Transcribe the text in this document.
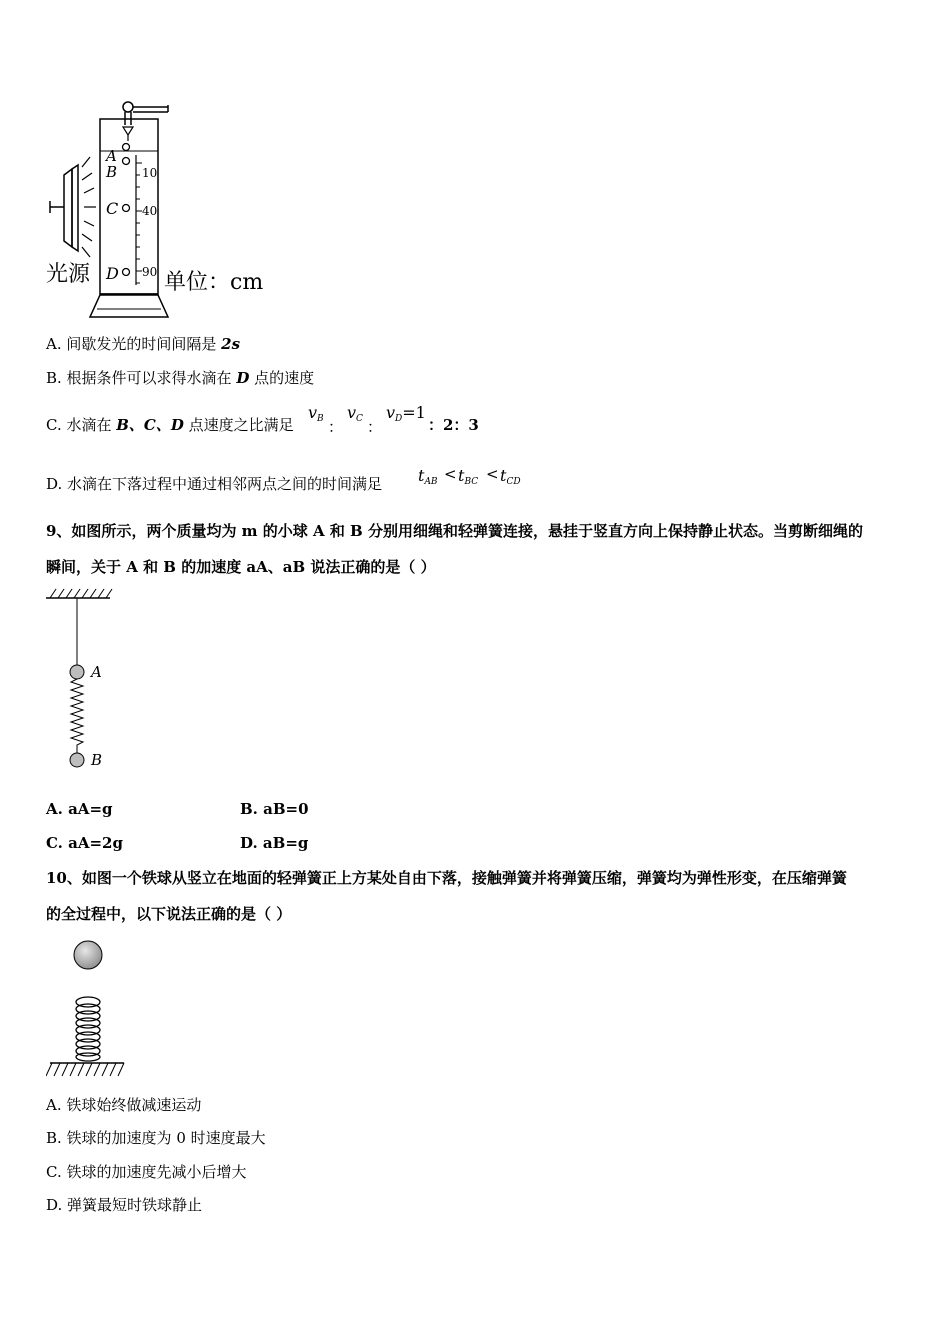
A
B
C
D
10
40
90
光源	单位：cm
A. 间歇发光的时间间隔是 2s
B. 根据条件可以求得水滴在 D 点的速度
C. 水滴在 B、C、D 点速度之比满足
$v_B$ ：
$v_C$ ：
$v_D=1$
：2：3
D. 水滴在下落过程中通过相邻两点之间的时间满足 $t_{AB} < t_{BC} < t_{CD}$
9、如图所示，两个质量均为 m 的小球 A 和 B 分别用细绳和轻弹簧连接，悬挂于竖直方向上保持静止状态。当剪断细绳的
瞬间，关于 A 和 B 的加速度 aA、aB 说法正确的是（ ）
A
B
A. aA=g	B. aB=0
C. aA=2g	D. aB=g
10、如图一个铁球从竖立在地面的轻弹簧正上方某处自由下落，接触弹簧并将弹簧压缩，弹簧均为弹性形变，在压缩弹簧
的全过程中，以下说法正确的是（ ）
A. 铁球始终做减速运动
B. 铁球的加速度为 0 时速度最大
C. 铁球的加速度先减小后增大
D. 弹簧最短时铁球静止
